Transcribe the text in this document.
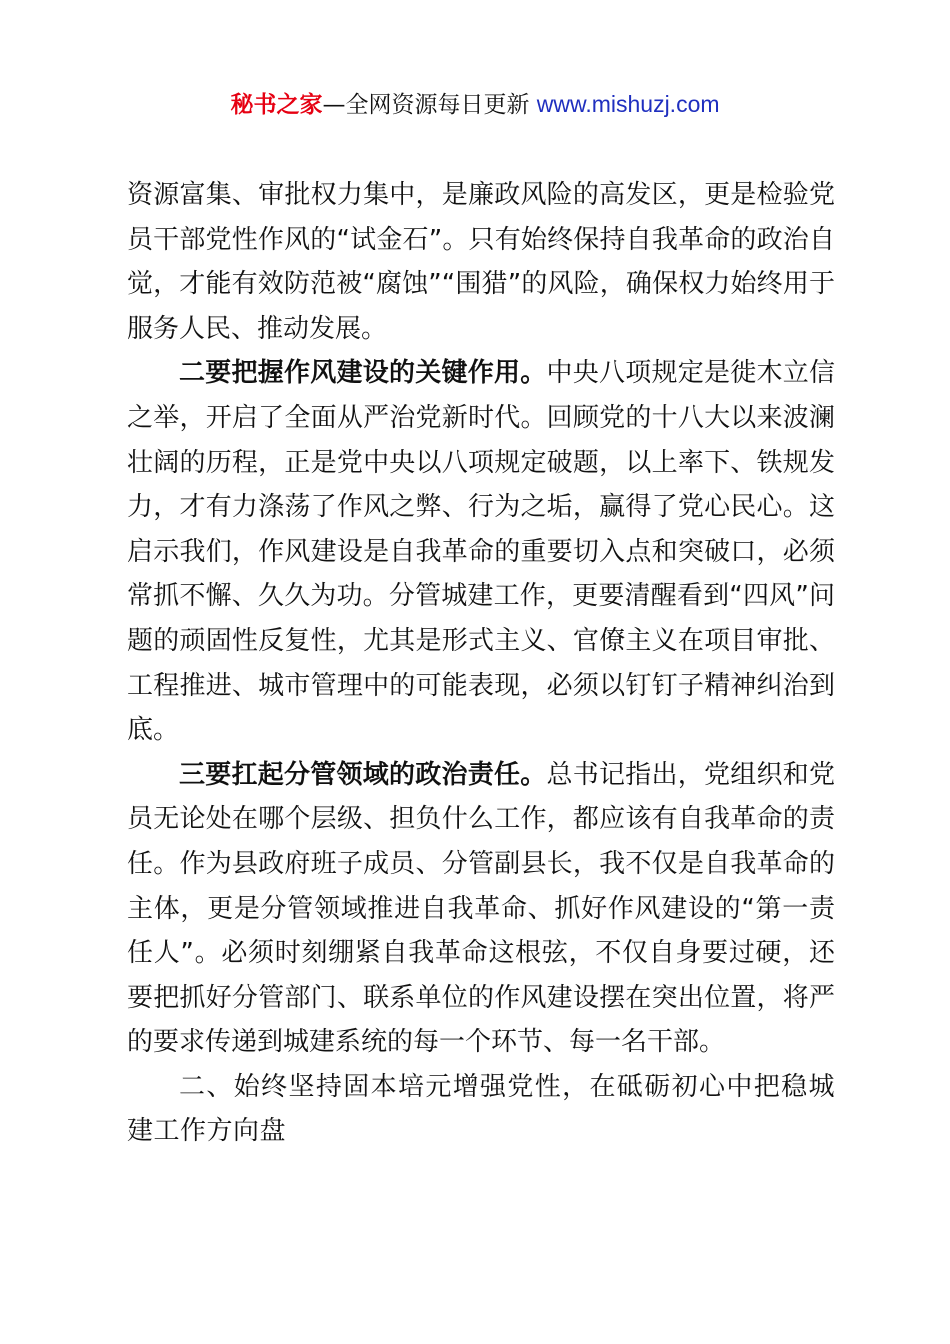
秘书之家—全网资源每日更新 www.mishuzj.com

资源富集、审批权力集中，是廉政风险的高发区，更是检验党员干部党性作风的“试金石”。只有始终保持自我革命的政治自觉，才能有效防范被“腐蚀”“围猎”的风险，确保权力始终用于服务人民、推动发展。

二要把握作风建设的关键作用。中央八项规定是徙木立信之举，开启了全面从严治党新时代。回顾党的十八大以来波澜壮阔的历程，正是党中央以八项规定破题，以上率下、铁规发力，才有力涤荡了作风之弊、行为之垢，赢得了党心民心。这启示我们，作风建设是自我革命的重要切入点和突破口，必须常抓不懈、久久为功。分管城建工作，更要清醒看到“四风”问题的顽固性反复性，尤其是形式主义、官僚主义在项目审批、工程推进、城市管理中的可能表现，必须以钉钉子精神纠治到底。

三要扛起分管领域的政治责任。总书记指出，党组织和党员无论处在哪个层级、担负什么工作，都应该有自我革命的责任。作为县政府班子成员、分管副县长，我不仅是自我革命的主体，更是分管领域推进自我革命、抓好作风建设的“第一责任人”。必须时刻绷紧自我革命这根弦，不仅自身要过硬，还要把抓好分管部门、联系单位的作风建设摆在突出位置，将严的要求传递到城建系统的每一个环节、每一名干部。

二、始终坚持固本培元增强党性，在砥砺初心中把稳城建工作方向盘
